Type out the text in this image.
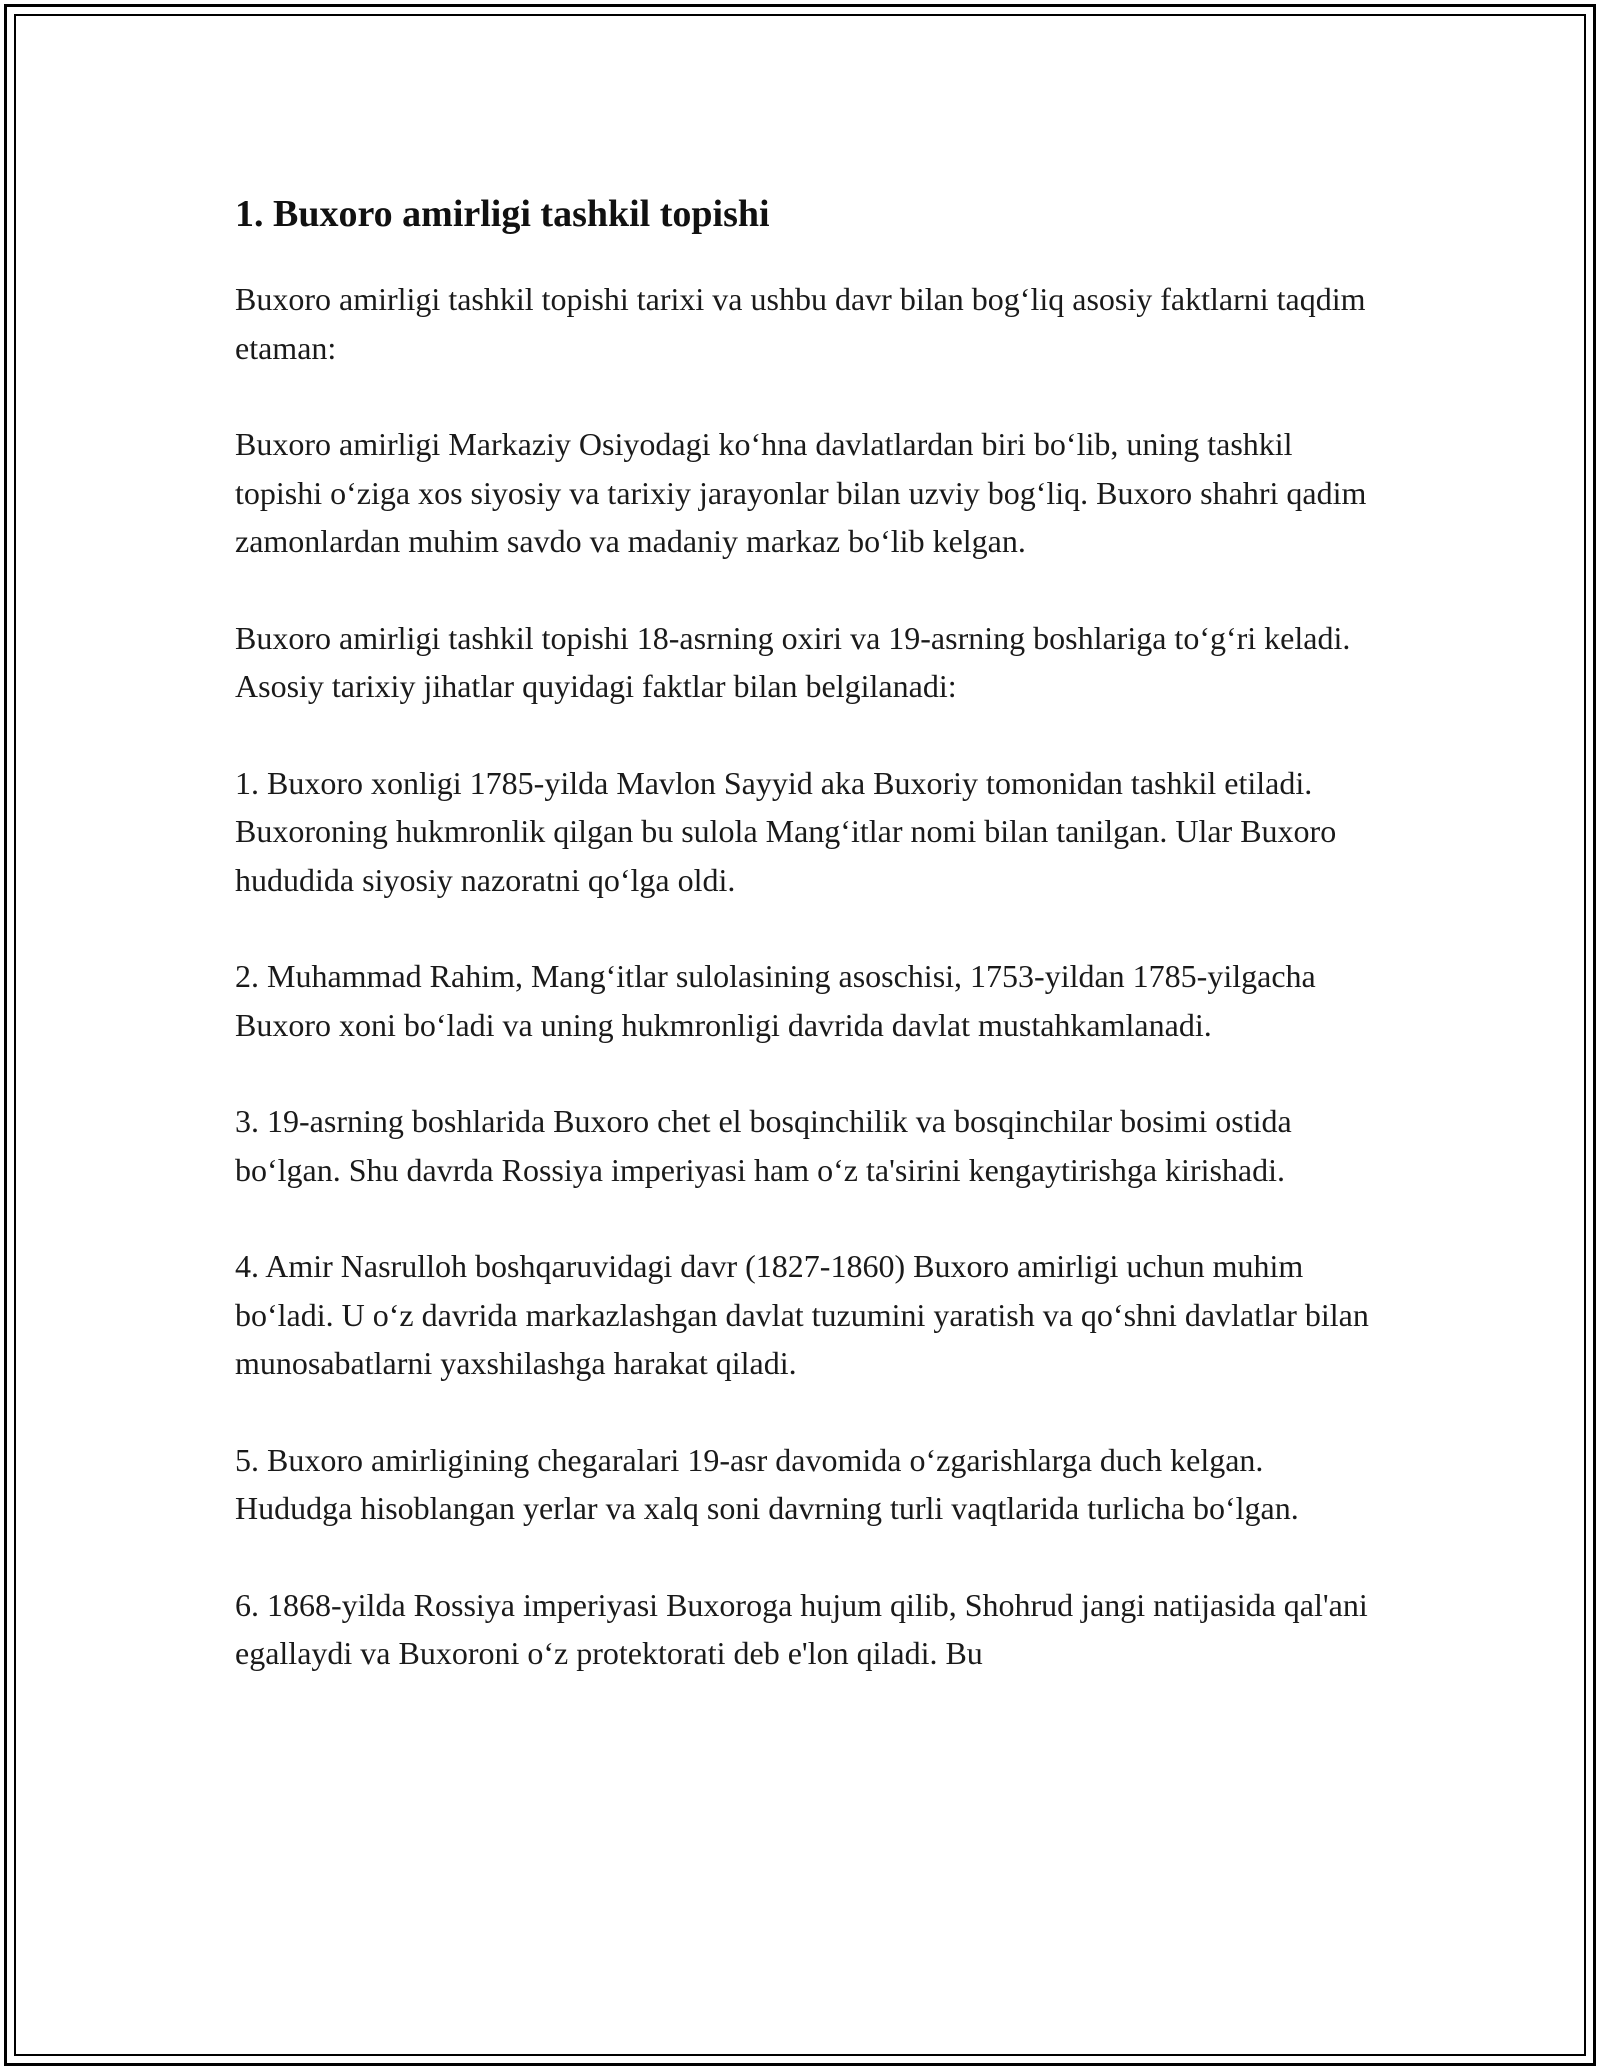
1. Buxoro amirligi tashkil topishi

Buxoro amirligi tashkil topishi tarixi va ushbu davr bilan bog‘liq asosiy faktlarni taqdim etaman:

Buxoro amirligi Markaziy Osiyodagi ko‘hna davlatlardan biri bo‘lib, uning tashkil topishi o‘ziga xos siyosiy va tarixiy jarayonlar bilan uzviy bog‘liq. Buxoro shahri qadim zamonlardan muhim savdo va madaniy markaz bo‘lib kelgan.

Buxoro amirligi tashkil topishi 18-asrning oxiri va 19-asrning boshlariga to‘g‘ri keladi. Asosiy tarixiy jihatlar quyidagi faktlar bilan belgilanadi:

1. Buxoro xonligi 1785-yilda Mavlon Sayyid aka Buxoriy tomonidan tashkil etiladi. Buxoroning hukmronlik qilgan bu sulola Mang‘itlar nomi bilan tanilgan. Ular Buxoro hududida siyosiy nazoratni qo‘lga oldi.

2. Muhammad Rahim, Mang‘itlar sulolasining asoschisi, 1753-yildan 1785-yilgacha Buxoro xoni bo‘ladi va uning hukmronligi davrida davlat mustahkamlanadi.

3. 19-asrning boshlarida Buxoro chet el bosqinchilik va bosqinchilar bosimi ostida bo‘lgan. Shu davrda Rossiya imperiyasi ham o‘z ta'sirini kengaytirishga kirishadi.

4. Amir Nasrulloh boshqaruvidagi davr (1827-1860) Buxoro amirligi uchun muhim bo‘ladi. U o‘z davrida markazlashgan davlat tuzumini yaratish va qo‘shni davlatlar bilan munosabatlarni yaxshilashga harakat qiladi.

5. Buxoro amirligining chegaralari 19-asr davomida o‘zgarishlarga duch kelgan. Hududga hisoblangan yerlar va xalq soni davrning turli vaqtlarida turlicha bo‘lgan.

6. 1868-yilda Rossiya imperiyasi Buxoroga hujum qilib, Shohrud jangi natijasida qal'ani egallaydi va Buxoroni o‘z protektorati deb e'lon qiladi. Bu
